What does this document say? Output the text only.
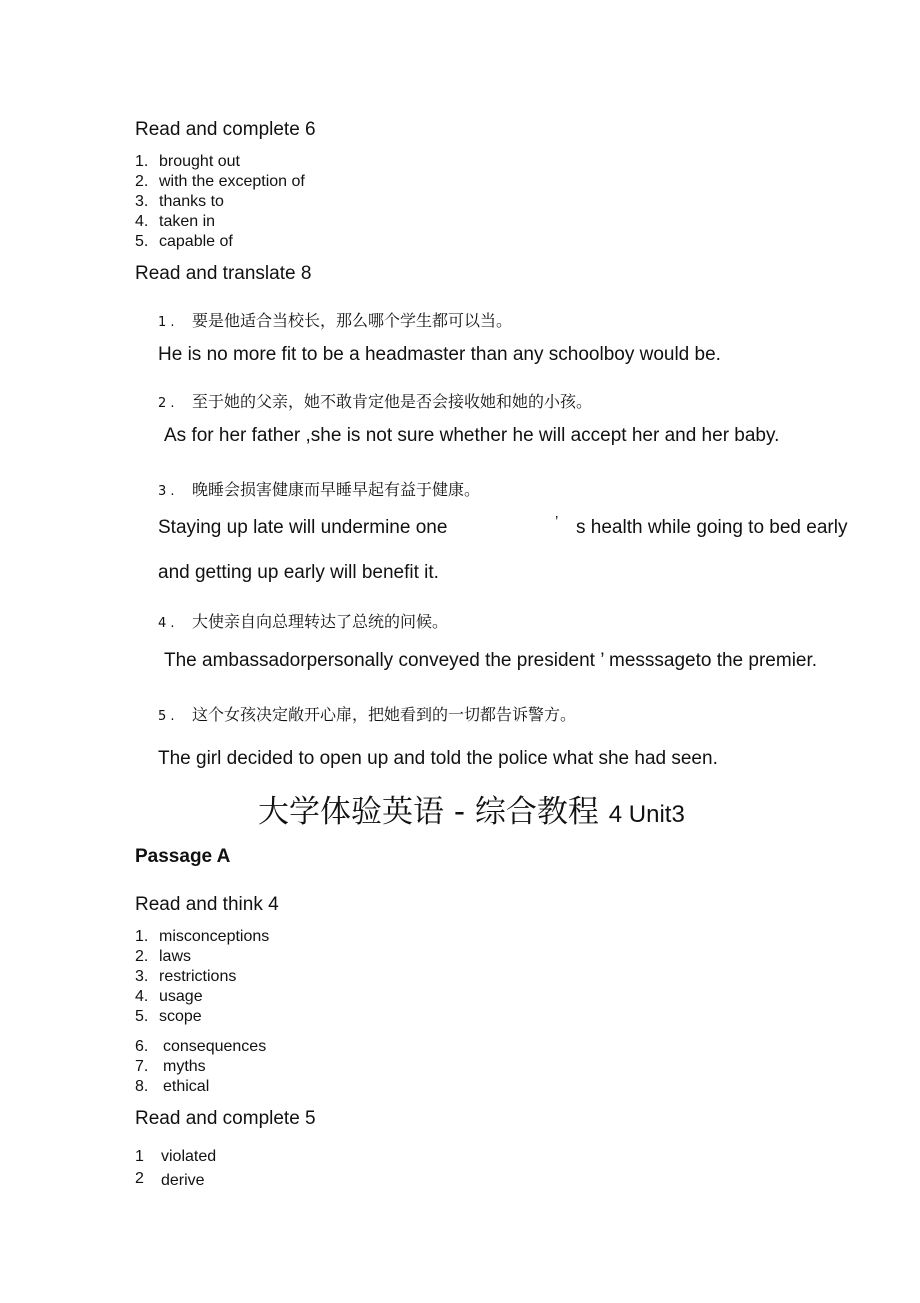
Read and complete 6
1. brought out
2. with the exception of
3. thanks to
4. taken in
5. capable of
Read and translate 8
1 . 要是他适合当校长，那么哪个学生都可以当。
He is no more fit to be a headmaster than any schoolboy would be.
2 . 至于她的父亲，她不敢肯定他是否会接收她和她的小孩。
As for her father ,she is not sure whether he will accept her and her baby.
3 . 晚睡会损害健康而早睡早起有益于健康。
Staying up late will undermine one	’ s health while going to bed early
and getting up early will benefit it.
4 . 大使亲自向总理转达了总统的问候。
The ambassadorpersonally conveyed the president ’ messsageto the premier.
5 . 这个女孩决定敞开心扉，把她看到的一切都告诉警方。
The girl decided to open up and told the police what she had seen.
大学体验英语 - 综合教程 4 Unit3
Passage A
Read and think 4
1. misconceptions
2. laws
3. restrictions
4. usage
5. scope
6. consequences
7. myths
8. ethical
Read and complete 5
1 violated
2 derive
